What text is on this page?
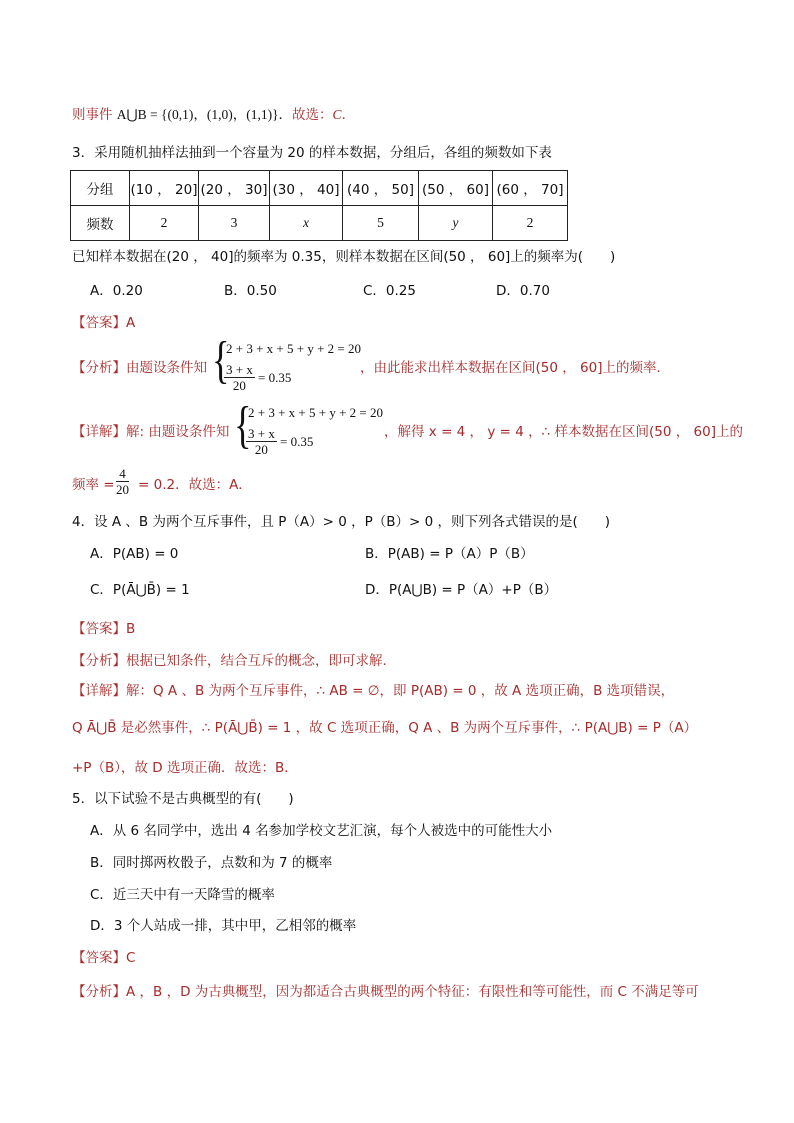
则事件 A⋃B = {(0,1)，(1,0)，(1,1)}．故选：C．
3．采用随机抽样法抽到一个容量为 20 的样本数据，分组后，各组的频数如下表
分组	(10 ， 20]	(20 ， 30]	(30 ， 40]	(40 ， 50]	(50 ， 60]	(60 ， 70]
频数	2	3	x	5	y	2
已知样本数据在(20 ， 40]的频率为 0.35，则样本数据在区间(50 ， 60]上的频率为(　　)
A．0.20	B．0.50	C．0.25	D．0.70
【答案】A
【分析】由题设条件知 {
2 + 3 + x + 5 + y + 2 = 20
$\frac{3 + x}{20} = 0.35$
，由此能求出样本数据在区间(50 ， 60]上的频率．
【详解】解: 由题设条件知 {
2 + 3 + x + 5 + y + 2 = 20
$\frac{3 + x}{20} = 0.35$
，解得 x = 4 ， y = 4 ，∴ 样本数据在区间(50 ， 60]上的
频率 = $\frac{4}{20} = 0.2$．故选：A．
4．设 A 、B 为两个互斥事件，且 P（A）> 0 ，P（B）> 0 ，则下列各式错误的是(　　)
A．P(AB) = 0	B．P(AB) = P（A）P（B）
C．P(Ā⋃B̄) = 1	D．P(A⋃B) = P（A）+P（B）
【答案】B
【分析】根据已知条件，结合互斥的概念，即可求解．
【详解】解：Q A 、B 为两个互斥事件，∴ AB = ∅，即 P(AB) = 0 ，故 A 选项正确，B 选项错误，
Q Ā⋃B̄ 是必然事件，∴ P(Ā⋃B̄) = 1 ，故 C 选项正确，Q A 、B 为两个互斥事件，∴ P(A⋃B) = P（A）
+P（B），故 D 选项正确．故选：B．
5．以下试验不是古典概型的有(　　)
A．从 6 名同学中，选出 4 名参加学校文艺汇演，每个人被选中的可能性大小
B．同时掷两枚骰子，点数和为 7 的概率
C．近三天中有一天降雪的概率
D．3 个人站成一排，其中甲，乙相邻的概率
【答案】C
【分析】A ，B ，D 为古典概型，因为都适合古典概型的两个特征：有限性和等可能性，而 C 不满足等可
